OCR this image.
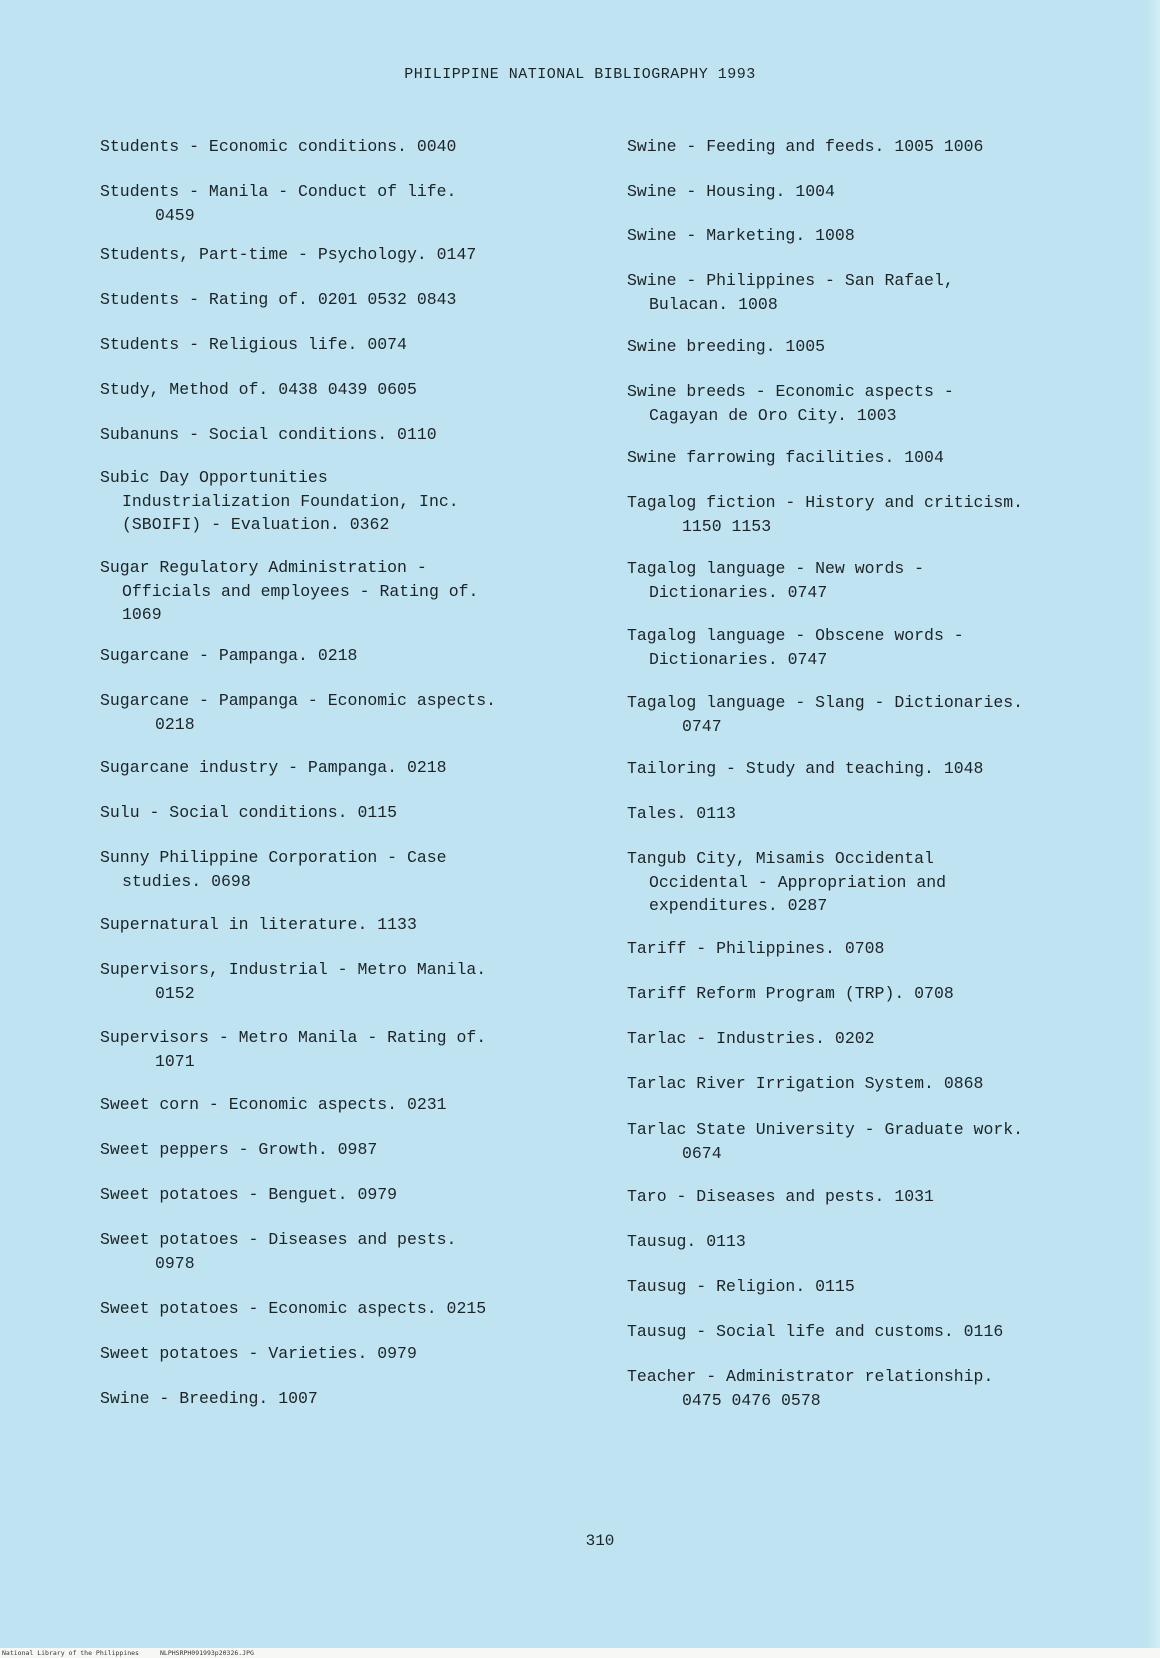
PHILIPPINE NATIONAL BIBLIOGRAPHY 1993
Students - Economic conditions. 0040
Students - Manila - Conduct of life.
0459
Students, Part-time - Psychology. 0147
Students - Rating of. 0201 0532 0843
Students - Religious life. 0074
Study, Method of. 0438 0439 0605
Subanuns - Social conditions. 0110
Subic Day Opportunities
Industrialization Foundation, Inc.
(SBOIFI) - Evaluation. 0362
Sugar Regulatory Administration -
Officials and employees - Rating of.
1069
Sugarcane - Pampanga. 0218
Sugarcane - Pampanga - Economic aspects.
0218
Sugarcane industry - Pampanga. 0218
Sulu - Social conditions. 0115
Sunny Philippine Corporation - Case
studies. 0698
Supernatural in literature. 1133
Supervisors, Industrial - Metro Manila.
0152
Supervisors - Metro Manila - Rating of.
1071
Sweet corn - Economic aspects. 0231
Sweet peppers - Growth. 0987
Sweet potatoes - Benguet. 0979
Sweet potatoes - Diseases and pests.
0978
Sweet potatoes - Economic aspects. 0215
Sweet potatoes - Varieties. 0979
Swine - Breeding. 1007
Swine - Feeding and feeds. 1005 1006
Swine - Housing. 1004
Swine - Marketing. 1008
Swine - Philippines - San Rafael,
Bulacan. 1008
Swine breeding. 1005
Swine breeds - Economic aspects -
Cagayan de Oro City. 1003
Swine farrowing facilities. 1004
Tagalog fiction - History and criticism.
1150 1153
Tagalog language - New words -
Dictionaries. 0747
Tagalog language - Obscene words -
Dictionaries. 0747
Tagalog language - Slang - Dictionaries.
0747
Tailoring - Study and teaching. 1048
Tales. 0113
Tangub City, Misamis Occidental
Occidental - Appropriation and
expenditures. 0287
Tariff - Philippines. 0708
Tariff Reform Program (TRP). 0708
Tarlac - Industries. 0202
Tarlac River Irrigation System. 0868
Tarlac State University - Graduate work.
0674
Taro - Diseases and pests. 1031
Tausug. 0113
Tausug - Religion. 0115
Tausug - Social life and customs. 0116
Teacher - Administrator relationship.
0475 0476 0578
310
National Library of the Philippines	NLPHSRPH091993p20326.JPG
